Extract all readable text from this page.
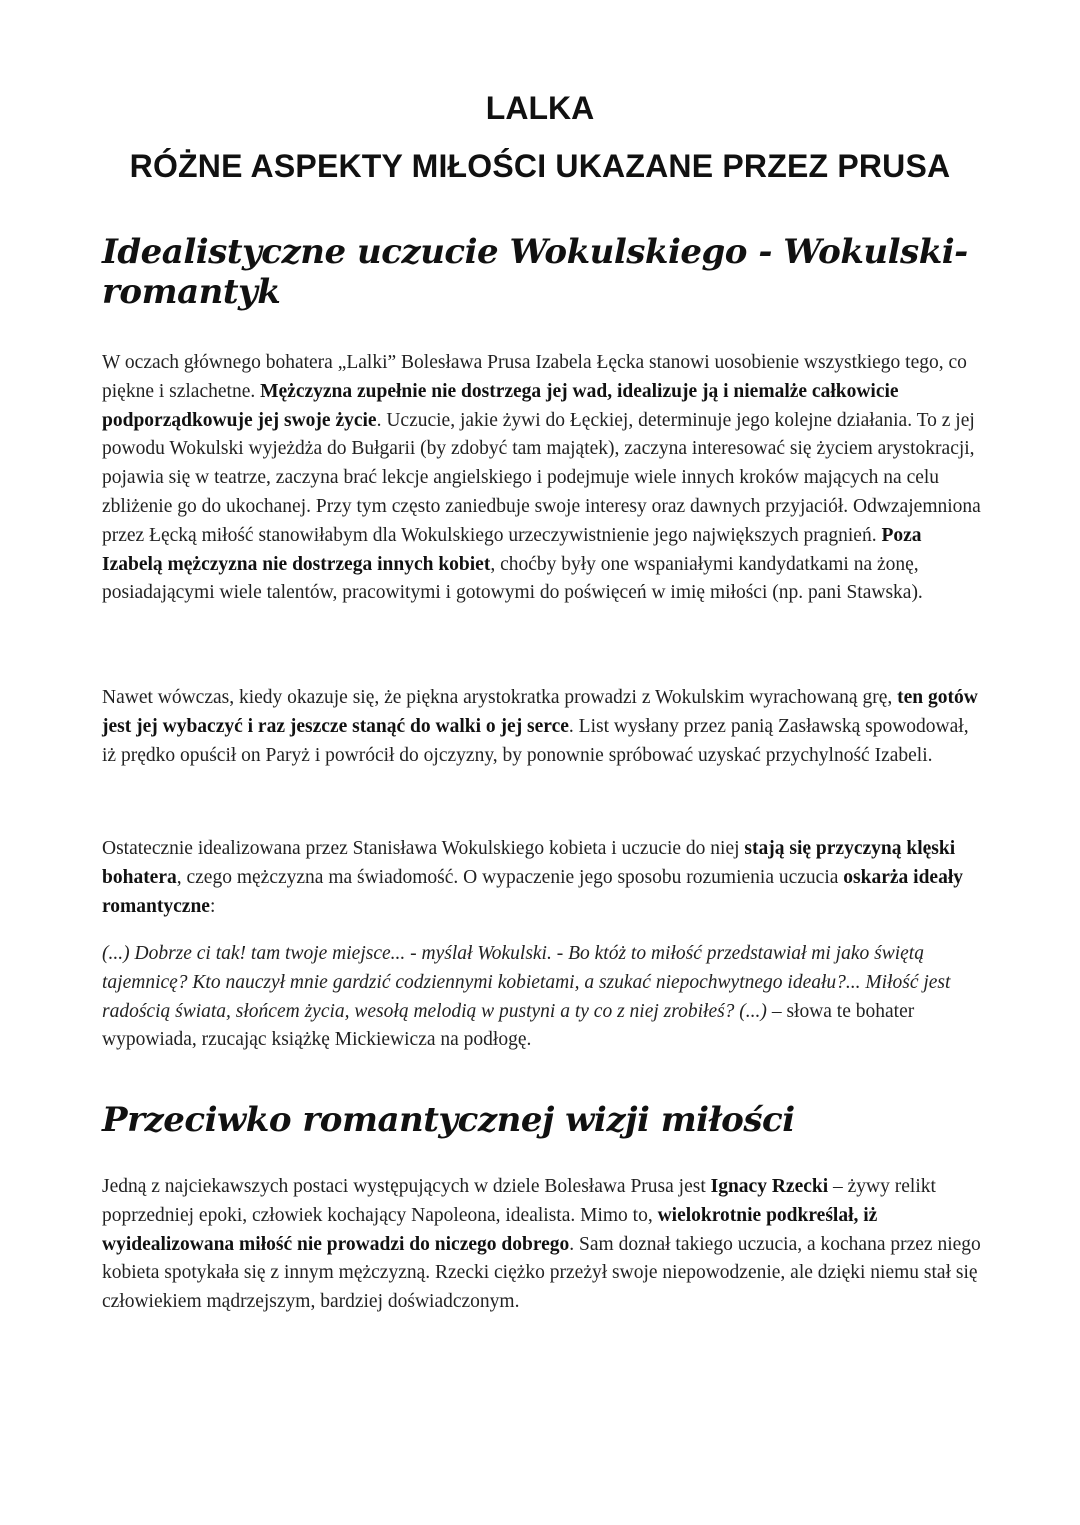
LALKA
RÓŻNE ASPEKTY MIŁOŚCI UKAZANE PRZEZ PRUSA
Idealistyczne uczucie Wokulskiego - Wokulski-romantyk

W oczach głównego bohatera „Lalki” Bolesława Prusa Izabela Łęcka stanowi uosobienie wszystkiego tego, co piękne i szlachetne. Mężczyzna zupełnie nie dostrzega jej wad, idealizuje ją i niemalże całkowicie podporządkowuje jej swoje życie. Uczucie, jakie żywi do Łęckiej, determinuje jego kolejne działania. To z jej powodu Wokulski wyjeżdża do Bułgarii (by zdobyć tam majątek), zaczyna interesować się życiem arystokracji, pojawia się w teatrze, zaczyna brać lekcje angielskiego i podejmuje wiele innych kroków mających na celu zbliżenie go do ukochanej. Przy tym często zaniedbuje swoje interesy oraz dawnych przyjaciół. Odwzajemniona przez Łęcką miłość stanowiłabym dla Wokulskiego urzeczywistnienie jego największych pragnień. Poza Izabelą mężczyzna nie dostrzega innych kobiet, choćby były one wspaniałymi kandydatkami na żonę, posiadającymi wiele talentów, pracowitymi i gotowymi do poświęceń w imię miłości (np. pani Stawska).

Nawet wówczas, kiedy okazuje się, że piękna arystokratka prowadzi z Wokulskim wyrachowaną grę, ten gotów jest jej wybaczyć i raz jeszcze stanąć do walki o jej serce. List wysłany przez panią Zasławską spowodował, iż prędko opuścił on Paryż i powrócił do ojczyzny, by ponownie spróbować uzyskać przychylność Izabeli.

Ostatecznie idealizowana przez Stanisława Wokulskiego kobieta i uczucie do niej stają się przyczyną klęski bohatera, czego mężczyzna ma świadomość. O wypaczenie jego sposobu rozumienia uczucia oskarża ideały romantyczne:

(...) Dobrze ci tak! tam twoje miejsce... - myślał Wokulski. - Bo któż to miłość przedstawiał mi jako świętą tajemnicę? Kto nauczył mnie gardzić codziennymi kobietami, a szukać niepochwytnego ideału?... Miłość jest radością świata, słońcem życia, wesołą melodią w pustyni a ty co z niej zrobiłeś? (...) – słowa te bohater wypowiada, rzucając książkę Mickiewicza na podłogę.

Przeciwko romantycznej wizji miłości

Jedną z najciekawszych postaci występujących w dziele Bolesława Prusa jest Ignacy Rzecki – żywy relikt poprzedniej epoki, człowiek kochający Napoleona, idealista. Mimo to, wielokrotnie podkreślał, iż wyidealizowana miłość nie prowadzi do niczego dobrego. Sam doznał takiego uczucia, a kochana przez niego kobieta spotykała się z innym mężczyzną. Rzecki ciężko przeżył swoje niepowodzenie, ale dzięki niemu stał się człowiekiem mądrzejszym, bardziej doświadczonym.
